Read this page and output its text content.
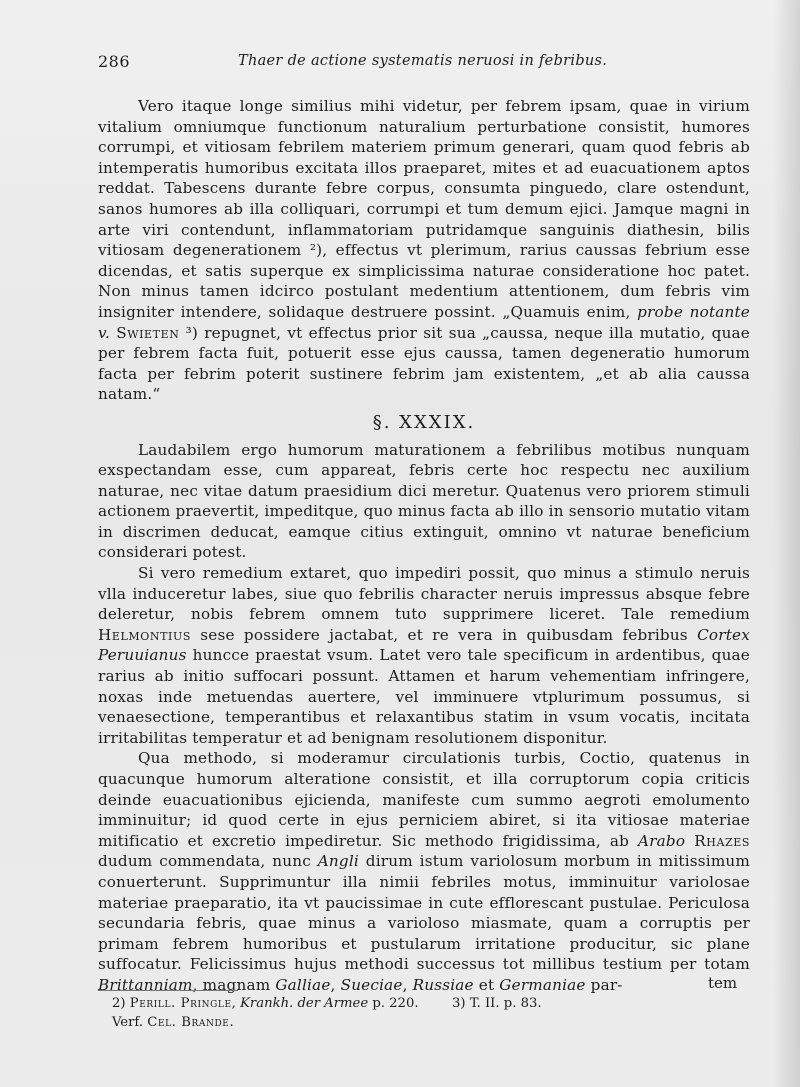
286	Thaer de actione systematis neruosi in febribus.

Vero itaque longe similius mihi videtur, per febrem ipsam, quae in virium vitalium omniumque functionum naturalium perturbatione consistit, humores corrumpi, et vitiosam febrilem materiem primum generari, quam quod febris ab intemperatis humoribus excitata illos praeparet, mites et ad euacuationem aptos reddat. Tabescens durante febre corpus, consumta pinguedo, clare ostendunt, sanos humores ab illa colliquari, corrumpi et tum demum ejici. Jamque magni in arte viri contendunt, inflammatoriam putridamque sanguinis diathesin, bilis vitiosam degenerationem ²), effectus vt plerimum, rarius caussas febrium esse dicendas, et satis superque ex simplicissima naturae consideratione hoc patet. Non minus tamen idcirco postulant medentium attentionem, dum febris vim insigniter intendere, solidaque destruere possint. „Quamuis enim, probe notante v. Swieten ³) repugnet, vt effectus prior sit sua „caussa, neque illa mutatio, quae per febrem facta fuit, potuerit esse ejus caussa, tamen degeneratio humorum facta per febrim poterit sustinere febrim jam existentem, „et ab alia caussa natam.“

§. XXXIX.

Laudabilem ergo humorum maturationem a febrilibus motibus nunquam exspectandam esse, cum appareat, febris certe hoc respectu nec auxilium naturae, nec vitae datum praesidium dici meretur. Quatenus vero priorem stimuli actionem praevertit, impeditque, quo minus facta ab illo in sensorio mutatio vitam in discrimen deducat, eamque citius extinguit, omnino vt naturae beneficium considerari potest.

Si vero remedium extaret, quo impediri possit, quo minus a stimulo neruis vlla induceretur labes, siue quo febrilis character neruis impressus absque febre deleretur, nobis febrem omnem tuto supprimere liceret. Tale remedium Helmontius sese possidere jactabat, et re vera in quibusdam febribus Cortex Peruuianus huncce praestat vsum. Latet vero tale specificum in ardentibus, quae rarius ab initio suffocari possunt. Attamen et harum vehementiam infringere, noxas inde metuendas auertere, vel imminuere vtplurimum possumus, si venaesectione, temperantibus et relaxantibus statim in vsum vocatis, incitata irritabilitas temperatur et ad benignam resolutionem disponitur.

Qua methodo, si moderamur circulationis turbis, Coctio, quatenus in quacunque humorum alteratione consistit, et illa corruptorum copia criticis deinde euacuationibus ejicienda, manifeste cum summo aegroti emolumento imminuitur; id quod certe in ejus perniciem abiret, si ita vitiosae materiae mitificatio et excretio impediretur. Sic methodo frigidissima, ab Arabo Rhazes dudum commendata, nunc Angli dirum istum variolosum morbum in mitissimum conuerterunt. Supprimuntur illa nimii febriles motus, imminuitur variolosae materiae praeparatio, ita vt paucissimae in cute efflorescant pustulae. Periculosa secundaria febris, quae minus a varioloso miasmate, quam a corruptis per primam febrem humoribus et pustularum irritatione producitur, sic plane suffocatur. Felicissimus hujus methodi successus tot millibus testium per totam Brittanniam, magnam Galliae, Sueciae, Russiae et Germaniae par-	tem
2) Perill. Pringle, Krankh. der Armee p. 220. Verf. Cel. Brande.
3) T. II. p. 83.
